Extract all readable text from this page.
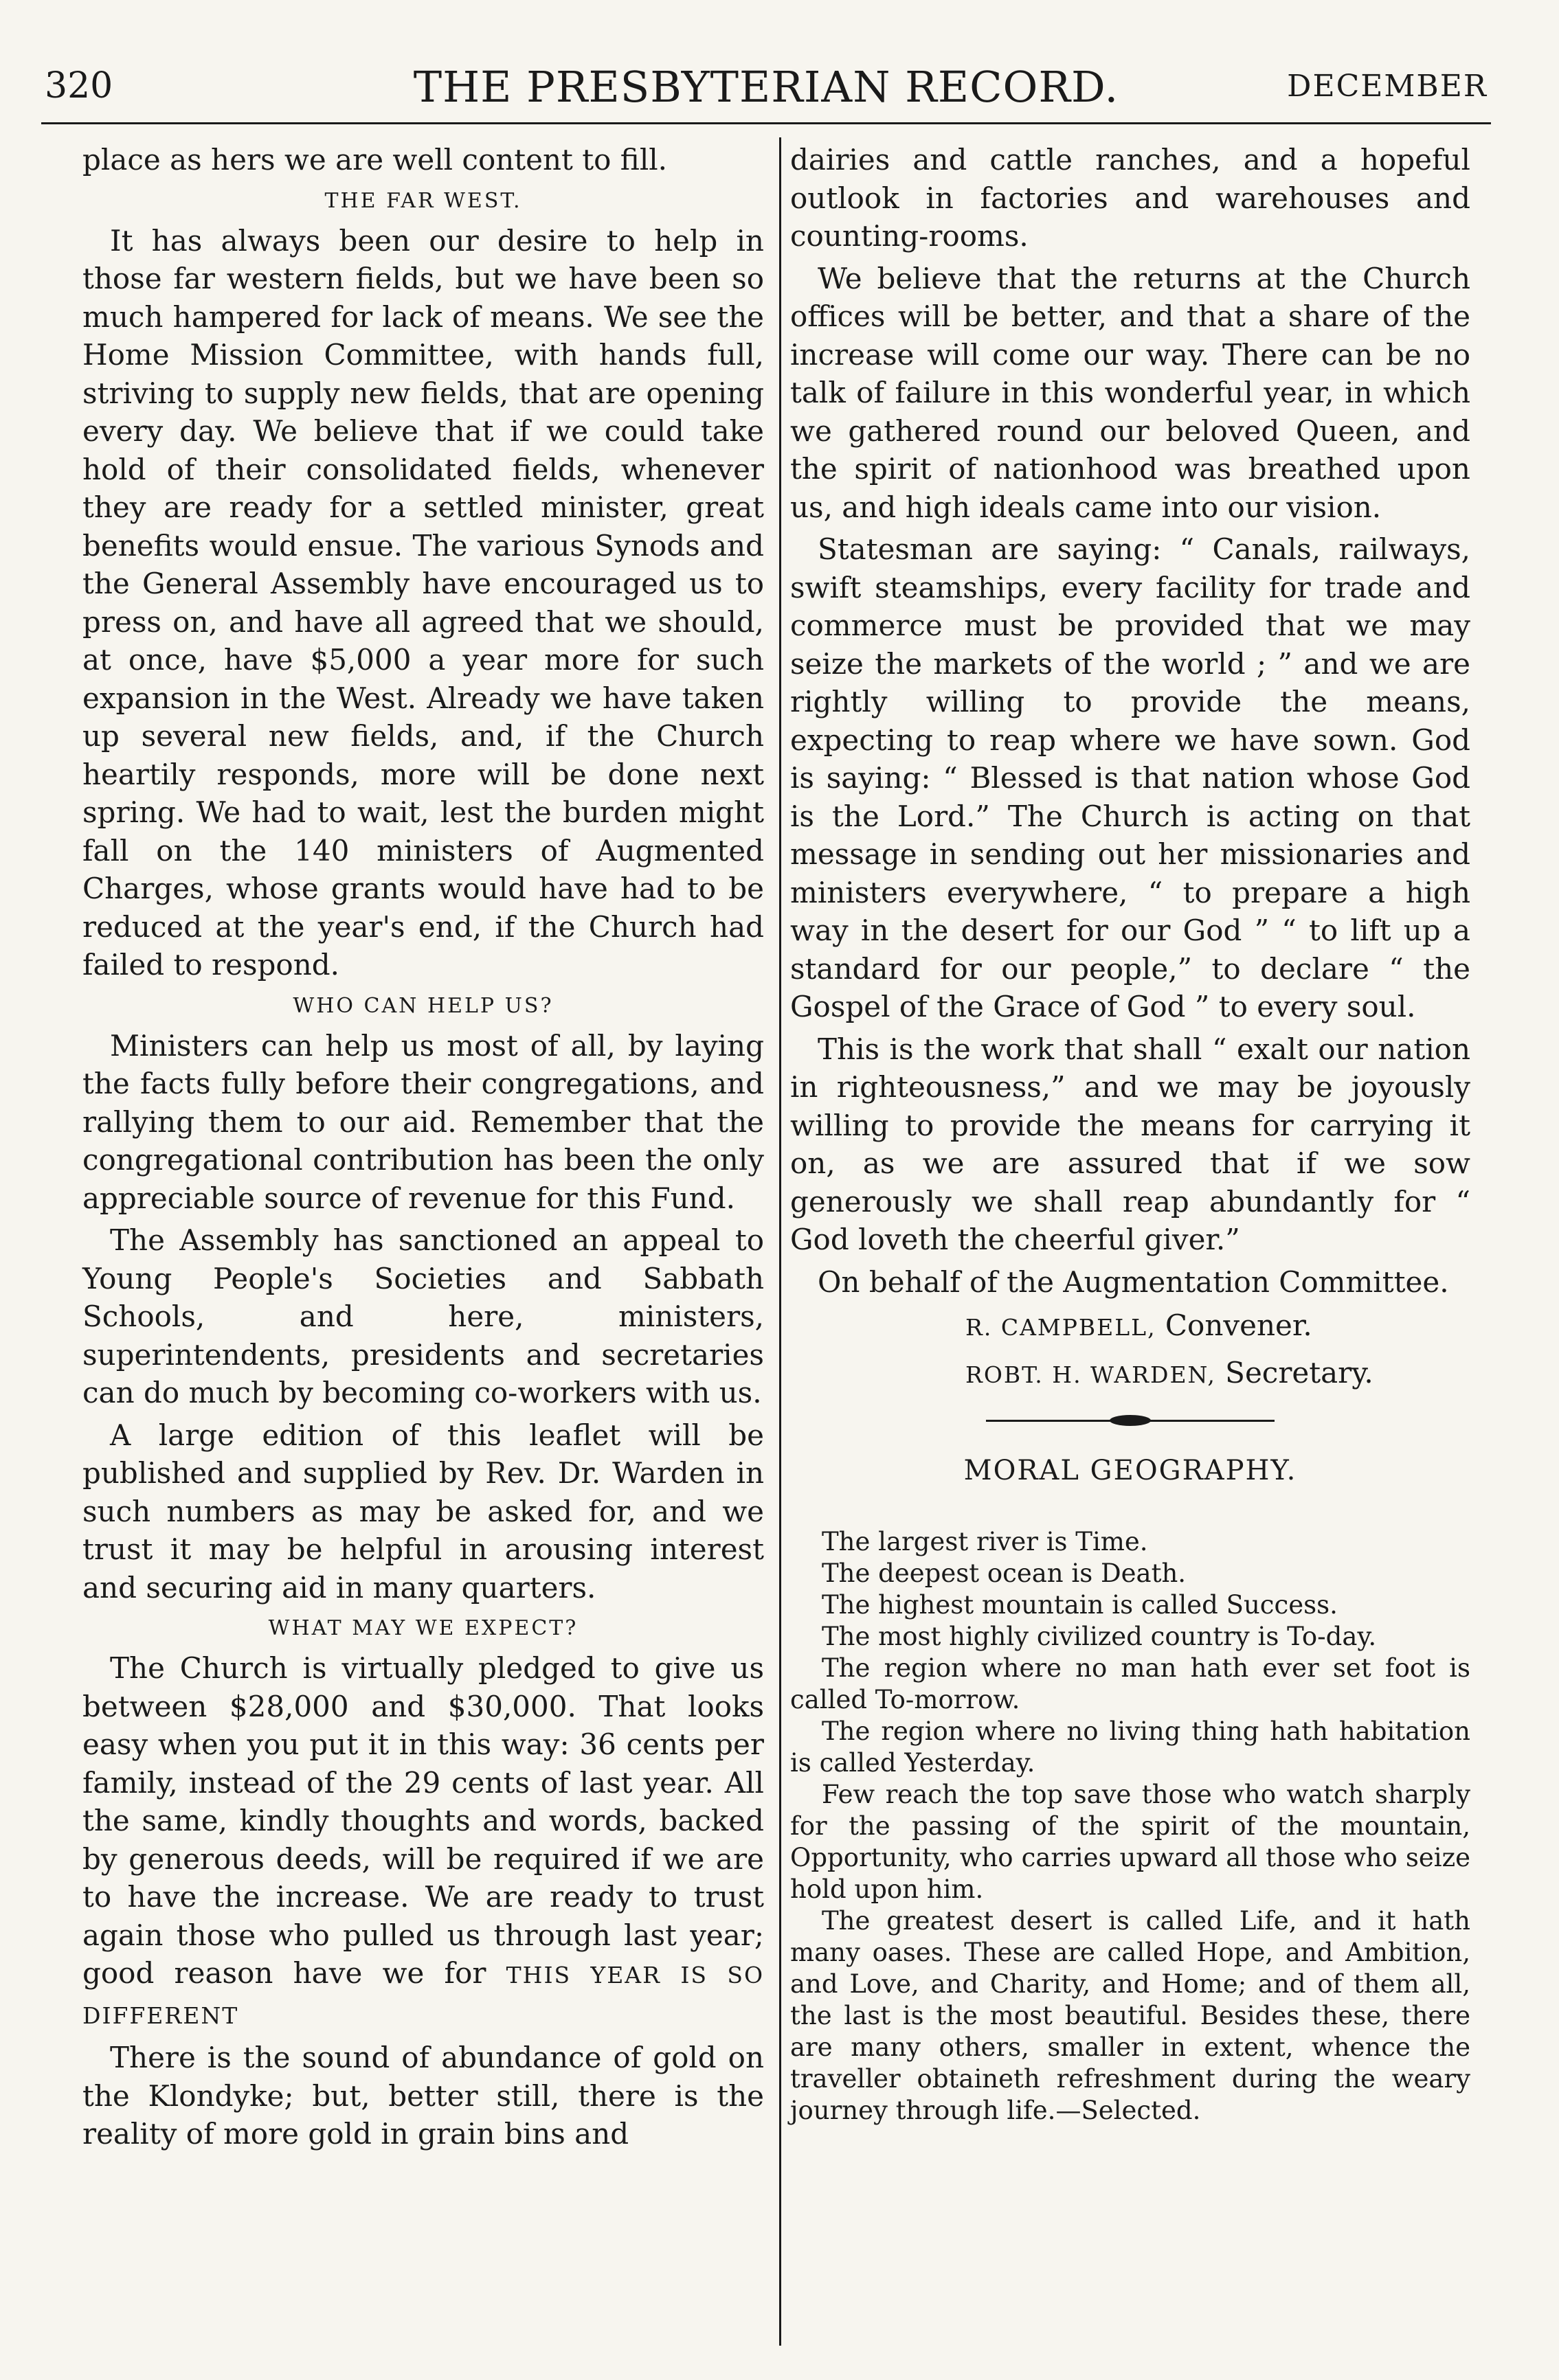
320	THE PRESBYTERIAN RECORD.	DECEMBER

place as hers we are well content to fill.

THE FAR WEST.

It has always been our desire to help in those far western fields, but we have been so much hampered for lack of means. We see the Home Mission Committee, with hands full, striving to supply new fields, that are opening every day. We believe that if we could take hold of their consolidated fields, whenever they are ready for a settled minister, great benefits would ensue. The various Synods and the General Assembly have encouraged us to press on, and have all agreed that we should, at once, have $5,000 a year more for such expansion in the West. Already we have taken up several new fields, and, if the Church heartily responds, more will be done next spring. We had to wait, lest the burden might fall on the 140 ministers of Augmented Charges, whose grants would have had to be reduced at the year's end, if the Church had failed to respond.

WHO CAN HELP US?

Ministers can help us most of all, by laying the facts fully before their congregations, and rallying them to our aid. Remember that the congregational contribution has been the only appreciable source of revenue for this Fund.

The Assembly has sanctioned an appeal to Young People's Societies and Sabbath Schools, and here, ministers, superintendents, presidents and secretaries can do much by becoming co-workers with us.

A large edition of this leaflet will be published and supplied by Rev. Dr. Warden in such numbers as may be asked for, and we trust it may be helpful in arousing interest and securing aid in many quarters.

WHAT MAY WE EXPECT?

The Church is virtually pledged to give us between $28,000 and $30,000. That looks easy when you put it in this way: 36 cents per family, instead of the 29 cents of last year. All the same, kindly thoughts and words, backed by generous deeds, will be required if we are to have the increase. We are ready to trust again those who pulled us through last year; good reason have we for THIS YEAR IS SO DIFFERENT

There is the sound of abundance of gold on the Klondyke; but, better still, there is the reality of more gold in grain bins and

dairies and cattle ranches, and a hopeful outlook in factories and warehouses and counting-rooms.

We believe that the returns at the Church offices will be better, and that a share of the increase will come our way. There can be no talk of failure in this wonderful year, in which we gathered round our beloved Queen, and the spirit of nationhood was breathed upon us, and high ideals came into our vision.

Statesman are saying: “ Canals, railways, swift steamships, every facility for trade and commerce must be provided that we may seize the markets of the world ; ” and we are rightly willing to provide the means, expecting to reap where we have sown. God is saying: “ Blessed is that nation whose God is the Lord.” The Church is acting on that message in sending out her missionaries and ministers everywhere, “ to prepare a high way in the desert for our God ” “ to lift up a standard for our people,” to declare “ the Gospel of the Grace of God ” to every soul.

This is the work that shall “ exalt our nation in righteousness,” and we may be joyously willing to provide the means for carrying it on, as we are assured that if we sow generously we shall reap abundantly for “ God loveth the cheerful giver.”

On behalf of the Augmentation Committee.

R. CAMPBELL, Convener.

ROBT. H. WARDEN, Secretary.

MORAL GEOGRAPHY.

The largest river is Time.

The deepest ocean is Death.

The highest mountain is called Success.

The most highly civilized country is To-day.

The region where no man hath ever set foot is called To-morrow.

The region where no living thing hath habitation is called Yesterday.

Few reach the top save those who watch sharply for the passing of the spirit of the mountain, Opportunity, who carries upward all those who seize hold upon him.

The greatest desert is called Life, and it hath many oases. These are called Hope, and Ambition, and Love, and Charity, and Home; and of them all, the last is the most beautiful. Besides these, there are many others, smaller in extent, whence the traveller obtaineth refreshment during the weary journey through life.—Selected.
